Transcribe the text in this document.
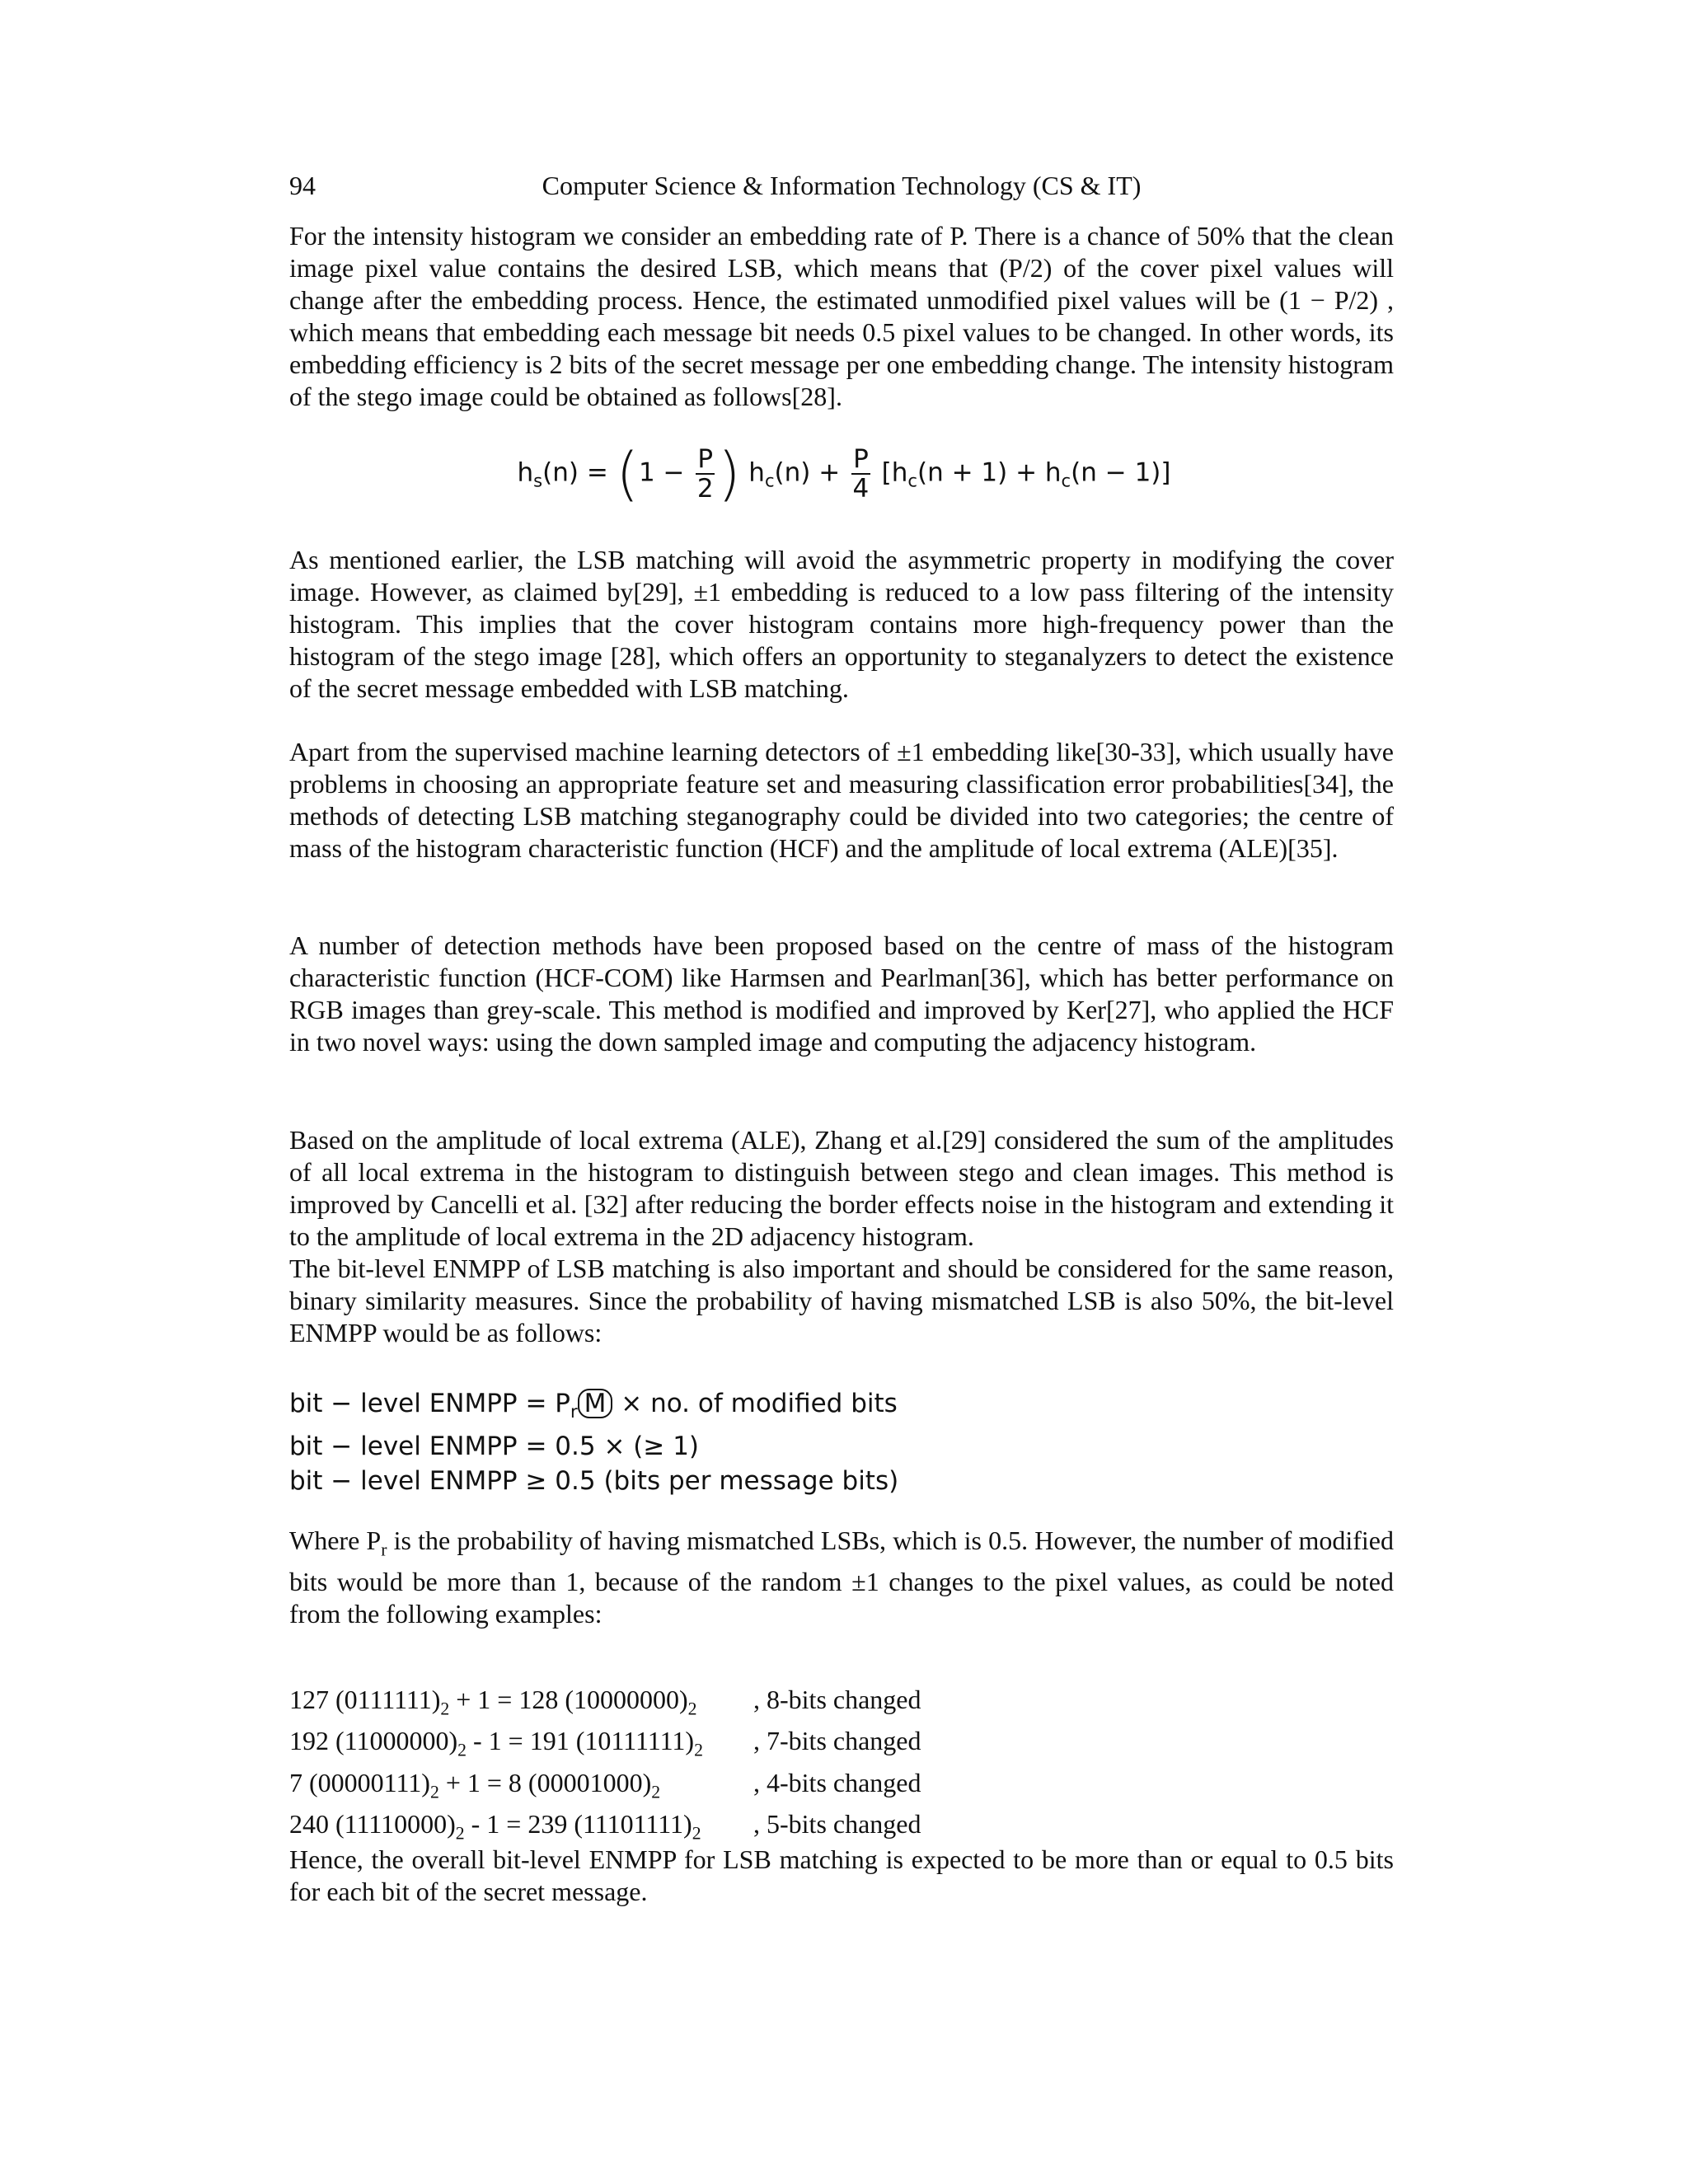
94	Computer Science & Information Technology (CS & IT)
For the intensity histogram we consider an embedding rate of P. There is a chance of 50% that the clean image pixel value contains the desired LSB, which means that (P/2) of the cover pixel values will change after the embedding process. Hence, the estimated unmodified pixel values will be (1 − P/2) , which means that embedding each message bit needs 0.5 pixel values to be changed. In other words, its embedding efficiency is 2 bits of the secret message per one embedding change. The intensity histogram of the stego image could be obtained as follows[28].
$h_s(n) = (1 - \frac{P}{2}$ ) $h_c(n) + \frac{P}{4} [h_c(n + 1) + h_c(n - 1)]$
As mentioned earlier, the LSB matching will avoid the asymmetric property in modifying the cover image. However, as claimed by[29], ±1 embedding is reduced to a low pass filtering of the intensity histogram. This implies that the cover histogram contains more high-frequency power than the histogram of the stego image [28], which offers an opportunity to steganalyzers to detect the existence of the secret message embedded with LSB matching.
Apart from the supervised machine learning detectors of ±1 embedding like[30-33], which usually have problems in choosing an appropriate feature set and measuring classification error probabilities[34], the methods of detecting LSB matching steganography could be divided into two categories; the centre of mass of the histogram characteristic function (HCF) and the amplitude of local extrema (ALE)[35].
A number of detection methods have been proposed based on the centre of mass of the histogram characteristic function (HCF-COM) like Harmsen and Pearlman[36], which has better performance on RGB images than grey-scale. This method is modified and improved by Ker[27], who applied the HCF in two novel ways: using the down sampled image and computing the adjacency histogram.
Based on the amplitude of local extrema (ALE), Zhang et al.[29] considered the sum of the amplitudes of all local extrema in the histogram to distinguish between stego and clean images. This method is improved by Cancelli et al. [32] after reducing the border effects noise in the histogram and extending it to the amplitude of local extrema in the 2D adjacency histogram.
The bit-level ENMPP of LSB matching is also important and should be considered for the same reason, binary similarity measures. Since the probability of having mismatched LSB is also 50%, the bit-level ENMPP would be as follows:
bit − level ENMPP = $P_r$ M × no. of modified bits
bit − level ENMPP = 0.5 × (≥ 1)
bit − level ENMPP ≥ 0.5 (bits per message bits)
Where $P_r$ is the probability of having mismatched LSBs, which is 0.5. However, the number of modified bits would be more than 1, because of the random ±1 changes to the pixel values, as could be noted from the following examples:
127 $(0111111)_2 + 1 = 128$ $(10000000)_2$	, 8-bits changed
192 $(11000000)_2 - 1 = 191$ $(10111111)_2$	, 7-bits changed
7 $(00000111)_2 + 1 = 8$ $(00001000)_2$	, 4-bits changed
240 $(11110000)_2 - 1 = 239$ $(11101111)_2$	, 5-bits changed
Hence, the overall bit-level ENMPP for LSB matching is expected to be more than or equal to 0.5 bits for each bit of the secret message.
